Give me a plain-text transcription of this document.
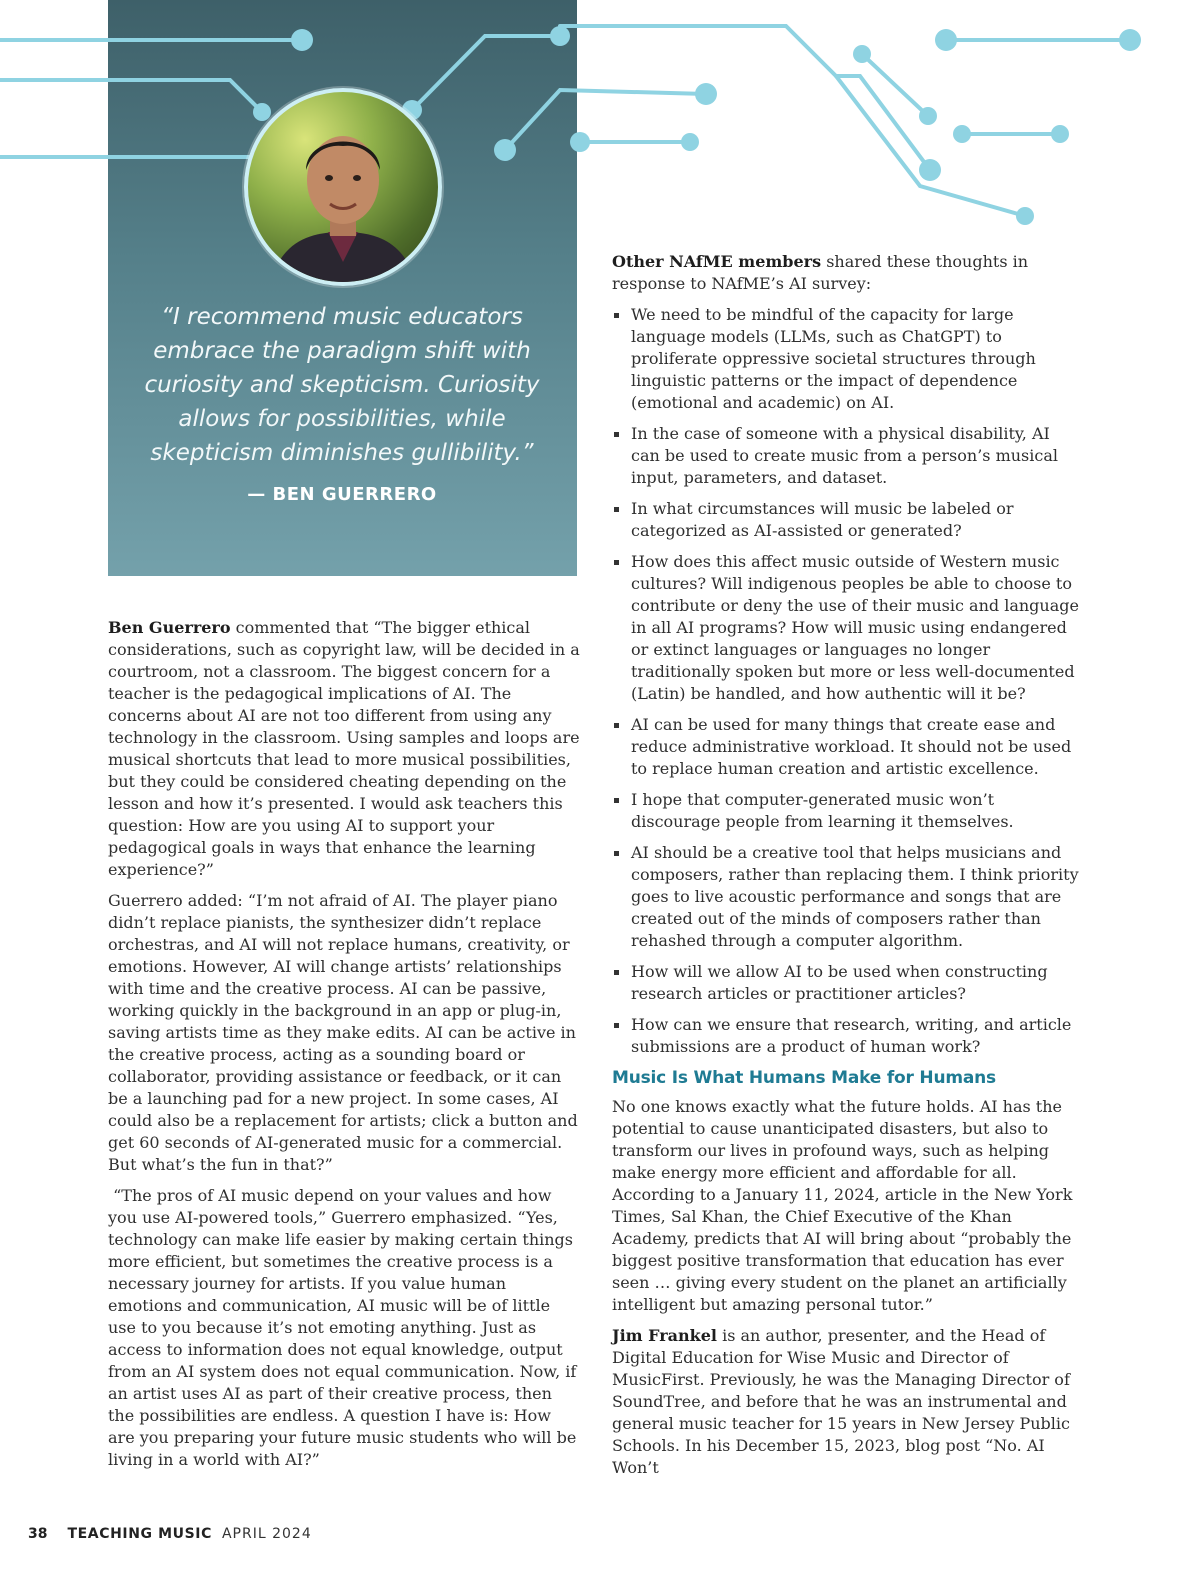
“I recommend music educators embrace the paradigm shift with curiosity and skepticism. Curiosity allows for possibilities, while skepticism diminishes gullibility.”

— BEN GUERRERO

Ben Guerrero commented that “The bigger ethical considerations, such as copyright law, will be decided in a courtroom, not a classroom. The biggest concern for a teacher is the pedagogical implications of AI. The concerns about AI are not too different from using any technology in the classroom. Using samples and loops are musical shortcuts that lead to more musical possibilities, but they could be considered cheating depending on the lesson and how it’s presented. I would ask teachers this question: How are you using AI to support your pedagogical goals in ways that enhance the learning experience?”

Guerrero added: “I’m not afraid of AI. The player piano didn’t replace pianists, the synthesizer didn’t replace orchestras, and AI will not replace humans, creativity, or emotions. However, AI will change artists’ relationships with time and the creative process. AI can be passive, working quickly in the background in an app or plug-in, saving artists time as they make edits. AI can be active in the creative process, acting as a sounding board or collaborator, providing assistance or feedback, or it can be a launching pad for a new project. In some cases, AI could also be a replacement for artists; click a button and get 60 seconds of AI-generated music for a commercial. But what’s the fun in that?”

“The pros of AI music depend on your values and how you use AI-powered tools,” Guerrero emphasized. “Yes, technology can make life easier by making certain things more efficient, but sometimes the creative process is a necessary journey for artists. If you value human emotions and communication, AI music will be of little use to you because it’s not emoting anything. Just as access to information does not equal knowledge, output from an AI system does not equal communication. Now, if an artist uses AI as part of their creative process, then the possibilities are endless. A question I have is: How are you preparing your future music students who will be living in a world with AI?”

Other NAfME members shared these thoughts in response to NAfME’s AI survey:

We need to be mindful of the capacity for large language models (LLMs, such as ChatGPT) to proliferate oppressive societal structures through linguistic patterns or the impact of dependence (emotional and academic) on AI.
In the case of someone with a physical disability, AI can be used to create music from a person’s musical input, parameters, and dataset.
In what circumstances will music be labeled or categorized as AI-assisted or generated?
How does this affect music outside of Western music cultures? Will indigenous peoples be able to choose to contribute or deny the use of their music and language in all AI programs? How will music using endangered or extinct languages or languages no longer traditionally spoken but more or less well-documented (Latin) be handled, and how authentic will it be?
AI can be used for many things that create ease and reduce administrative workload. It should not be used to replace human creation and artistic excellence.
I hope that computer-generated music won’t discourage people from learning it themselves.
AI should be a creative tool that helps musicians and composers, rather than replacing them. I think priority goes to live acoustic performance and songs that are created out of the minds of composers rather than rehashed through a computer algorithm.
How will we allow AI to be used when constructing research articles or practitioner articles?
How can we ensure that research, writing, and article submissions are a product of human work?
Music Is What Humans Make for Humans

No one knows exactly what the future holds. AI has the potential to cause unanticipated disasters, but also to transform our lives in profound ways, such as helping make energy more efficient and affordable for all. According to a January 11, 2024, article in the New York Times, Sal Khan, the Chief Executive of the Khan Academy, predicts that AI will bring about “probably the biggest positive transformation that education has ever seen … giving every student on the planet an artificially intelligent but amazing personal tutor.”

Jim Frankel is an author, presenter, and the Head of Digital Education for Wise Music and Director of MusicFirst. Previously, he was the Managing Director of SoundTree, and before that he was an instrumental and general music teacher for 15 years in New Jersey Public Schools. In his December 15, 2023, blog post “No. AI Won’t

38 TEACHING MUSIC APRIL 2024
